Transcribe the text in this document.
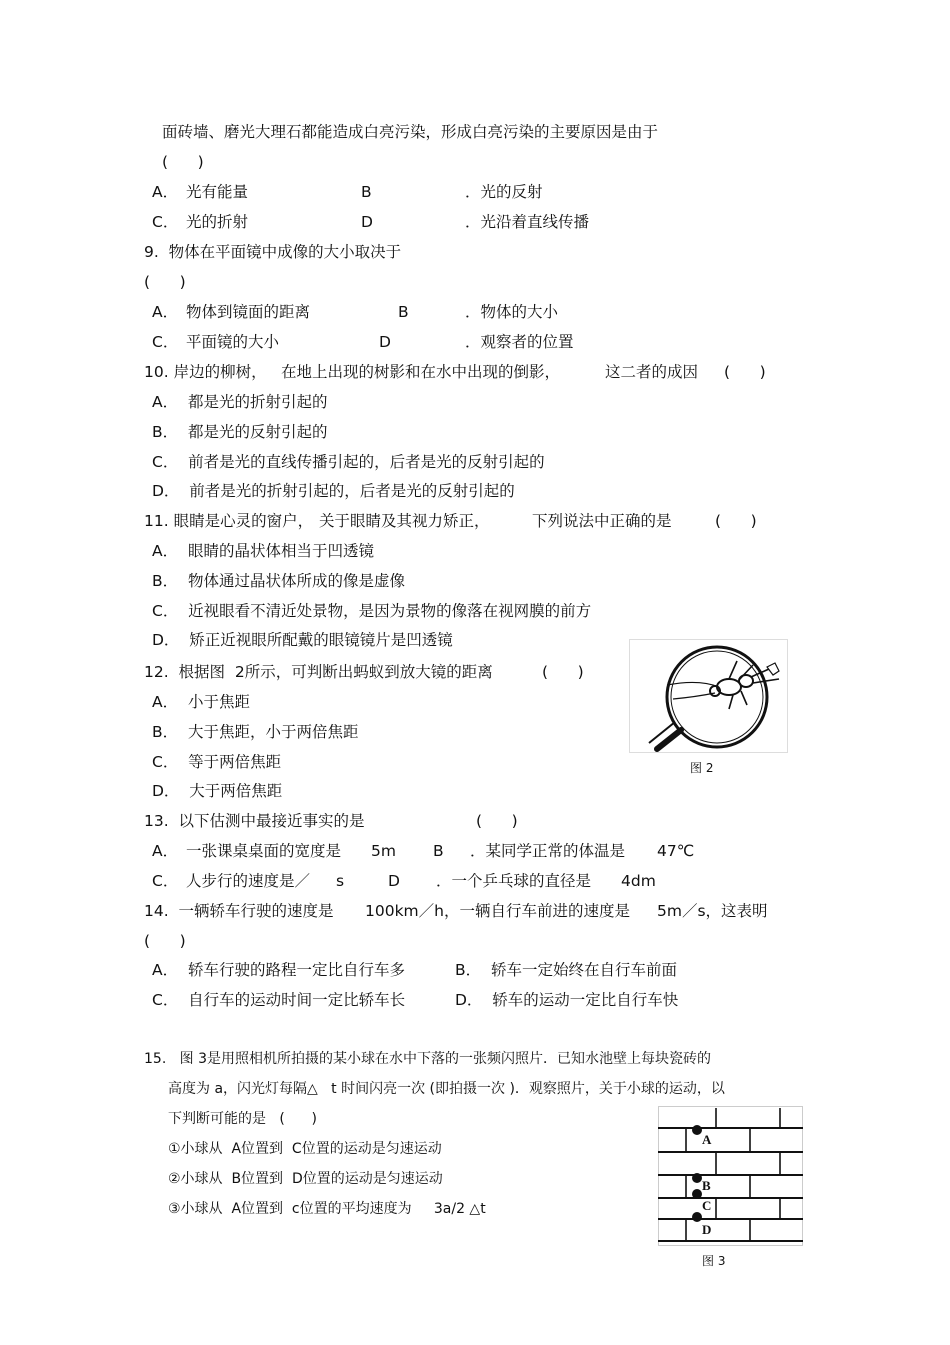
面砖墙、磨光大理石都能造成白亮污染，形成白亮污染的主要原因是由于
(      )
A． 光有能量	B	．光的反射
C． 光的折射	D	．光沿着直线传播
9.  物体在平面镜中成像的大小取决于
(      )
A． 物体到镜面的距离	B	．物体的大小
C． 平面镜的大小	D	．观察者的位置
10. 岸边的柳树， 在地上出现的树影和在水中出现的倒影，	这二者的成因 (      )
A．  都是光的折射引起的
B．  都是光的反射引起的
C．  前者是光的直线传播引起的，后者是光的反射引起的
D．  前者是光的折射引起的，后者是光的反射引起的
11. 眼睛是心灵的窗户， 关于眼睛及其视力矫正，	下列说法中正确的是	(      )
A．  眼睛的晶状体相当于凹透镜
B．  物体通过晶状体所成的像是虚像
C．  近视眼看不清近处景物，是因为景物的像落在视网膜的前方
D．  矫正近视眼所配戴的眼镜镜片是凹透镜
12.  根据图  2所示，可判断出蚂蚁到放大镜的距离	(      )
A．  小于焦距
B．  大于焦距，小于两倍焦距
C．  等于两倍焦距
D．  大于两倍焦距
图 2
13.  以下估测中最接近事实的是	(      )
A． 一张课桌桌面的宽度是 5m B ．某同学正常的体温是 47℃
C． 人步行的速度是／ s	D ．一个乒乓球的直径是 4dm
14.  一辆轿车行驶的速度是 100km／h，一辆自行车前进的速度是 5m／s，这表明
(      )
A．  轿车行驶的路程一定比自行车多	B．  轿车一定始终在自行车前面
C．  自行车的运动时间一定比轿车长	D．  轿车的运动一定比自行车快
15.   图 3是用照相机所拍摄的某小球在水中下落的一张频闪照片．已知水池壁上每块瓷砖的
高度为 a，闪光灯每隔△   t 时间闪亮一次 (即拍摄一次 )．观察照片，关于小球的运动，以
下判断可能的是   (      )
①小球从  A位置到  C位置的运动是匀速运动
②小球从  B位置到  D位置的运动是匀速运动
③小球从  A位置到  c位置的平均速度为     3a/2 △t
A
B
C
D
图 3
